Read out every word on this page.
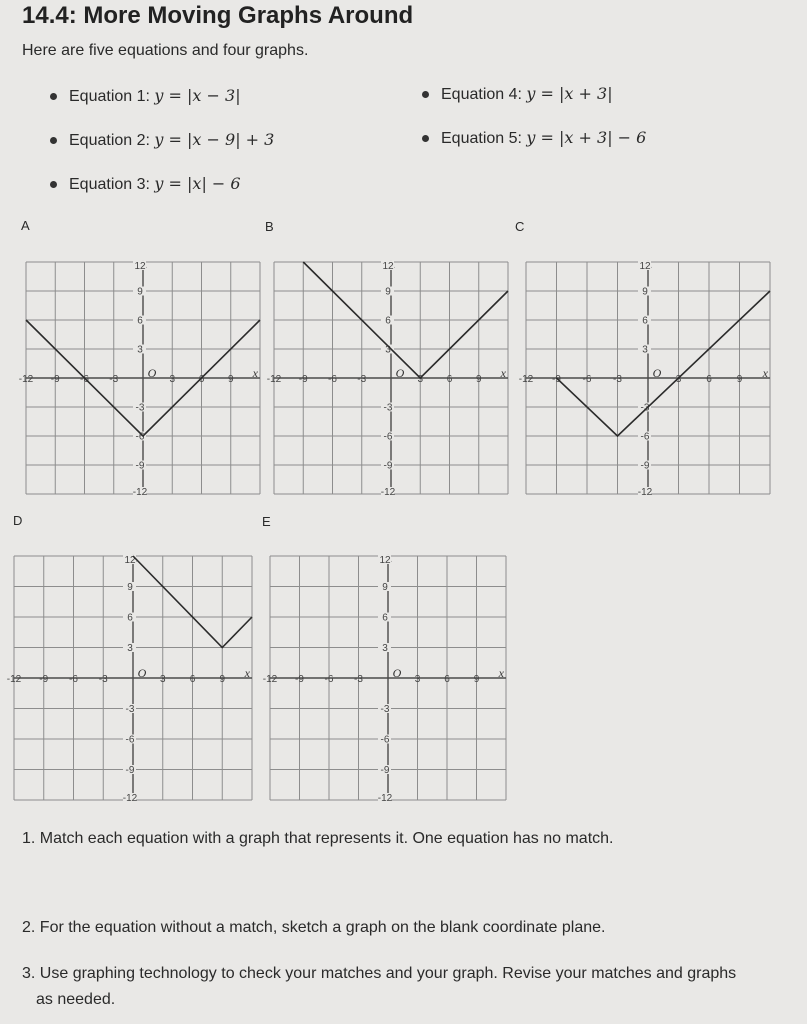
14.4: More Moving Graphs Around
Here are five equations and four graphs.
Equation 1: y = |x − 3|
Equation 2: y = |x − 9| + 3
Equation 3: y = |x| − 6
Equation 4: y = |x + 3|
Equation 5: y = |x + 3| − 6
A	B	C
D	E
-12 -9 -6 -3	3 6 9
12
9
6
3
-3
-6
-9
-12
O	x -12 -9 -6 -3	3 6 9
12
9
6
3
-3
-6
-9
-12
O	x -12 -9 -6 -3	3 6 9
12
9
6
3
-3
-6
-9
-12
O	x
-12 -9 -6 -3	3 6 9
12
9
6
3
-3
-6
-9
-12
O	x -12 -9 -6 -3	3 6 9
12
9
6
3
-3
-6
-9
-12
O	x
1. Match each equation with a graph that represents it. One equation has no match.
2. For the equation without a match, sketch a graph on the blank coordinate plane.
3. Use graphing technology to check your matches and your graph. Revise your matches and graphs as needed.
